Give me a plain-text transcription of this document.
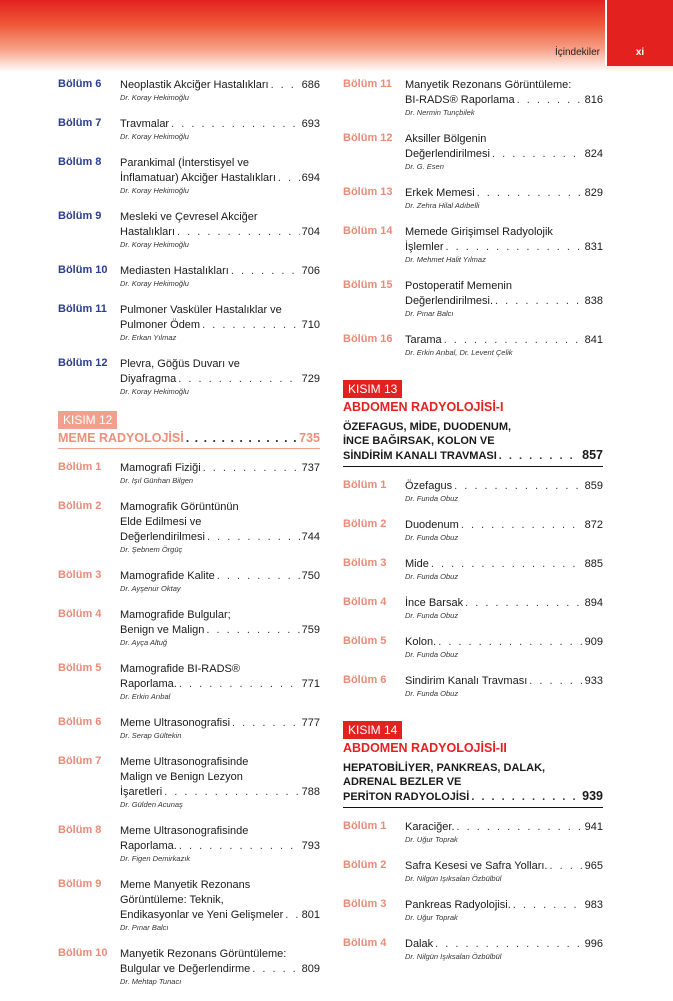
İçindekiler	xi
Bölüm 6 Neoplastik Akciğer Hastalıkları . . .	686
Dr. Koray Hekimoğlu
Bölüm 7 Travmalar . . .	693
Dr. Koray Hekimoğlu
Bölüm 8 Parankimal (İnterstisyel ve
İnflamatuar) Akciğer Hastalıkları . . . 694
Dr. Koray Hekimoğlu
Bölüm 9 Mesleki ve Çevresel Akciğer
Hastalıkları . . .	704
Dr. Koray Hekimoğlu
Bölüm 10 Mediasten Hastalıkları . . .	706
Dr. Koray Hekimoğlu
Bölüm 11 Pulmoner Vasküler Hastalıklar ve
Pulmoner Ödem . . .	710
Dr. Erkan Yılmaz
Bölüm 12 Plevra, Göğüs Duvarı ve
Diyafragma . . .	729
Dr. Koray Hekimoğlu
KISIM 12
MEME RADYOLOJİSİ . . .	735
Bölüm 1 Mamografi Fiziği . . .	737
Dr. Işıl Günhan Bilgen
Bölüm 2 Mamografik Görüntünün
Elde Edilmesi ve
Değerlendirilmesi . . .	744
Dr. Şebnem Örgüç
Bölüm 3 Mamografide Kalite . . .	750
Dr. Ayşenur Oktay
Bölüm 4 Mamografide Bulgular;
Benign ve Malign . . .	759
Dr. Ayça Altuğ
Bölüm 5 Mamografide BI-RADS®
Raporlama. . . .	771
Dr. Erkin Arıbal
Bölüm 6 Meme Ultrasonografisi . . .	777
Dr. Serap Gültekin
Bölüm 7 Meme Ultrasonografisinde
Malign ve Benign Lezyon
İşaretleri . . .	788
Dr. Gülden Acunaş
Bölüm 8 Meme Ultrasonografisinde
Raporlama. . . .	793
Dr. Figen Demirkazık
Bölüm 9 Meme Manyetik Rezonans
Görüntüleme: Teknik,
Endikasyonlar ve Yeni Gelişmeler . . . 801
Dr. Pınar Balcı
Bölüm 10 Manyetik Rezonans Görüntüleme:
Bulgular ve Değerlendirme . . .	809
Dr. Mehtap Tunacı
Bölüm 11 Manyetik Rezonans Görüntüleme:
BI-RADS® Raporlama . . .	816
Dr. Nermin Tunçbilek
Bölüm 12 Aksiller Bölgenin
Değerlendirilmesi . . .	824
Dr. G. Esen
Bölüm 13 Erkek Memesi . . .	829
Dr. Zehra Hilal Adıbelli
Bölüm 14 Memede Girişimsel Radyolojik
İşlemler . . .	831
Dr. Mehmet Halit Yılmaz
Bölüm 15 Postoperatif Memenin
Değerlendirilmesi. . . .	838
Dr. Pınar Balcı
Bölüm 16 Tarama . . .	841
Dr. Erkin Arıbal, Dr. Levent Çelik
KISIM 13
ABDOMEN RADYOLOJİSİ-I
ÖZEFAGUS, MİDE, DUODENUM,
İNCE BAĞIRSAK, KOLON VE
SİNDİRİM KANALI TRAVMASI . . .	857
Bölüm 1 Özefagus . . .	859
Dr. Funda Obuz
Bölüm 2 Duodenum . . .	872
Dr. Funda Obuz
Bölüm 3 Mide . . .	885
Dr. Funda Obuz
Bölüm 4 İnce Barsak . . .	894
Dr. Funda Obuz
Bölüm 5 Kolon. . . .	909
Dr. Funda Obuz
Bölüm 6 Sindirim Kanalı Travması . . .	933
Dr. Funda Obuz
KISIM 14
ABDOMEN RADYOLOJİSİ-II
HEPATOBİLİYER, PANKREAS, DALAK,
ADRENAL BEZLER VE
PERİTON RADYOLOJİSİ . . .	939
Bölüm 1 Karaciğer. . . .	941
Dr. Uğur Toprak
Bölüm 2 Safra Kesesi ve Safra Yolları. . . .	965
Dr. Nilgün Işıksalan Özbülbül
Bölüm 3 Pankreas Radyolojisi. . . .	983
Dr. Uğur Toprak
Bölüm 4 Dalak . . .	996
Dr. Nilgün Işıksalan Özbülbül
